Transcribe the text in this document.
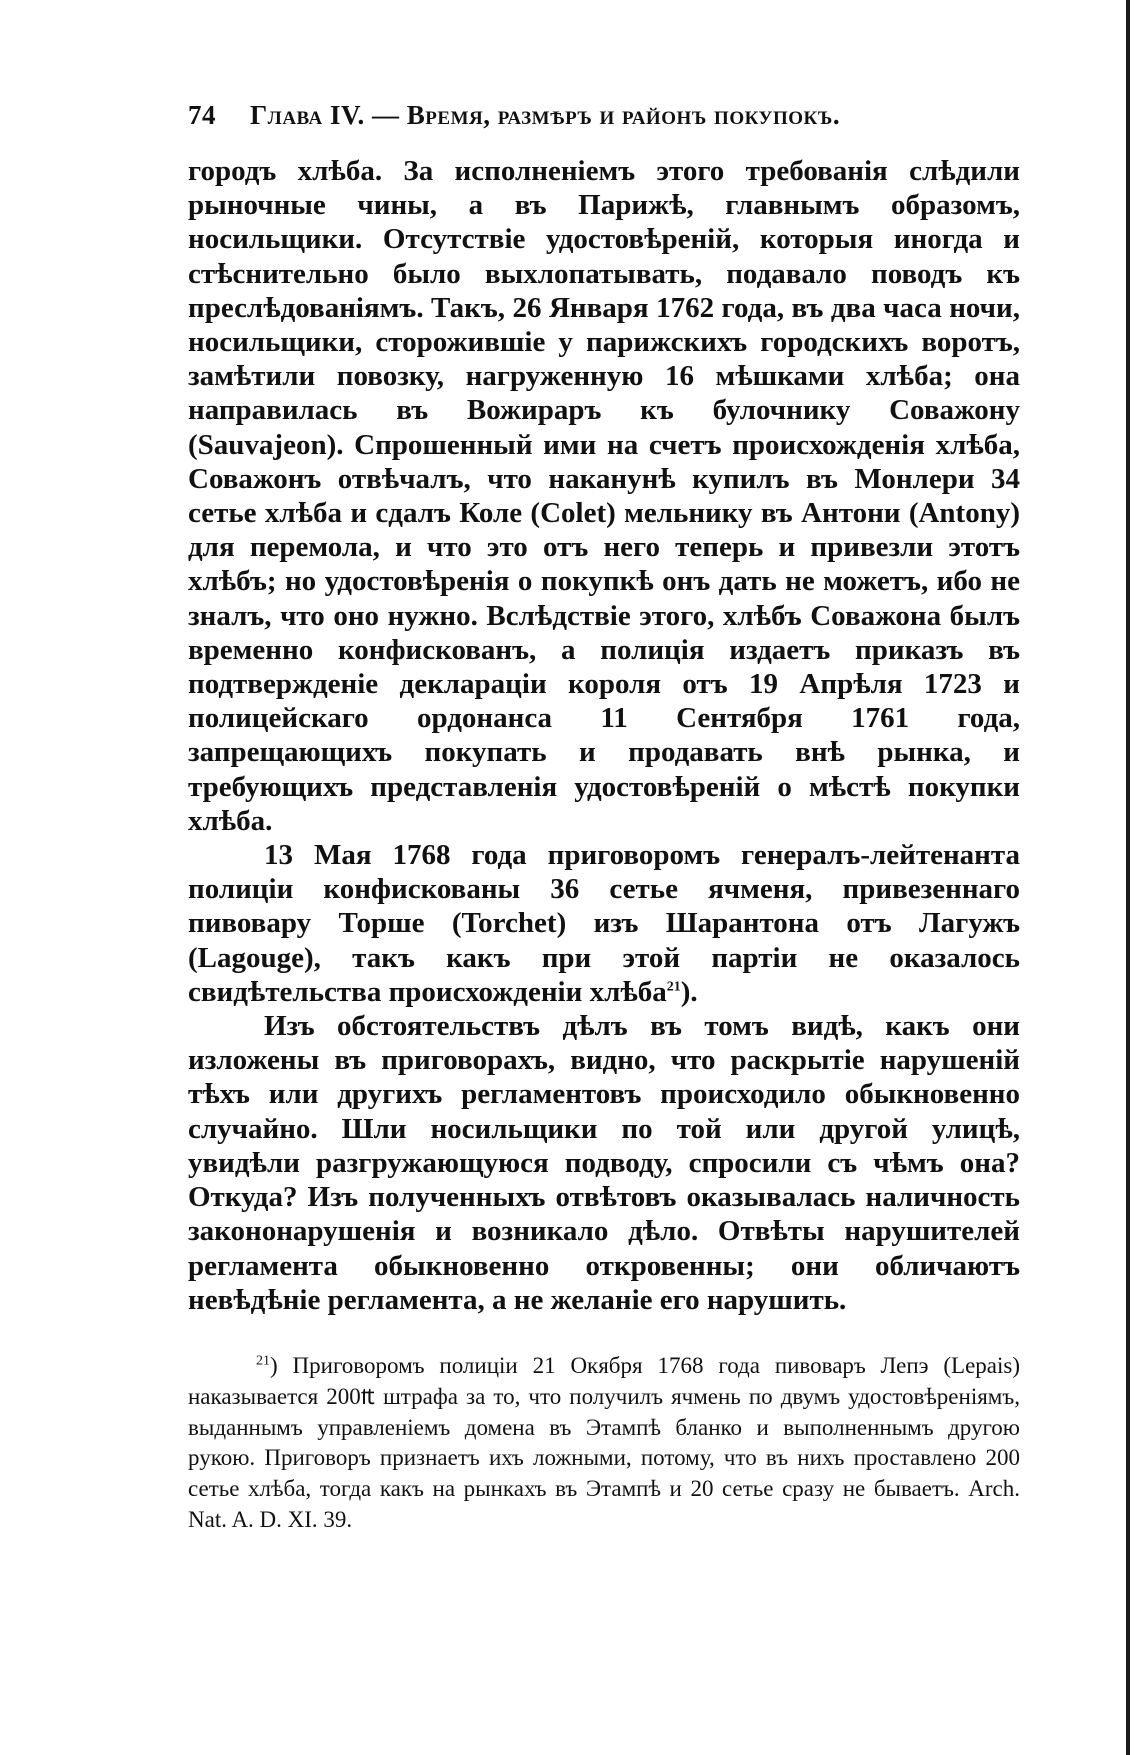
74 Глава IV. — Время, размѣръ и районъ покупокъ.

городъ хлѣба. За исполненіемъ этого требованія слѣдили рыночные чины, а въ Парижѣ, главнымъ образомъ, носильщики. Отсутствіе удостовѣреній, которыя иногда и стѣснительно было выхлопатывать, подавало поводъ къ преслѣдованіямъ. Такъ, 26 Января 1762 года, въ два часа ночи, носильщики, сторожившіе у парижскихъ городскихъ воротъ, замѣтили повозку, нагруженную 16 мѣшками хлѣба; она направилась въ Вожираръ къ булочнику Соважону (Sauvajeon). Спрошенный ими на счетъ происхожденія хлѣба, Соважонъ отвѣчалъ, что наканунѣ купилъ въ Монлери 34 сетье хлѣба и сдалъ Коле (Colet) мельнику въ Антони (Antony) для перемола, и что это отъ него теперь и привезли этотъ хлѣбъ; но удостовѣренія о покупкѣ онъ дать не можетъ, ибо не зналъ, что оно нужно. Вслѣдствіе этого, хлѣбъ Соважона былъ временно конфискованъ, а полиція издаетъ приказъ въ подтвержденіе деклараціи короля отъ 19 Апрѣля 1723 и полицейскаго ордонанса 11 Сентября 1761 года, запрещающихъ покупать и продавать внѣ рынка, и требующихъ представленія удостовѣреній о мѣстѣ покупки хлѣба.

13 Мая 1768 года приговоромъ генералъ-лейтенанта полиціи конфискованы 36 сетье ячменя, привезеннаго пивовару Торше (Torchet) изъ Шарантона отъ Лагужъ (Lagouge), такъ какъ при этой партіи не оказалось свидѣтельства происхожденіи хлѣба$^{21}$).

Изъ обстоятельствъ дѣлъ въ томъ видѣ, какъ они изложены въ приговорахъ, видно, что раскрытіе нарушеній тѣхъ или другихъ регламентовъ происходило обыкновенно случайно. Шли носильщики по той или другой улицѣ, увидѣли разгружающуюся подводу, спросили съ чѣмъ она? Откуда? Изъ полученныхъ отвѣтовъ оказывалась наличность закононарушенія и возникало дѣло. Отвѣты нарушителей регламента обыкновенно откровенны; они обличаютъ невѣдѣніе регламента, а не желаніе его нарушить.

$^{21}$) Приговоромъ полиціи 21 Окября 1768 года пивоваръ Лепэ (Lepais) наказывается 200₶ штрафа за то, что получилъ ячмень по двумъ удостовѣреніямъ, выданнымъ управленіемъ домена въ Этампѣ бланко и выполненнымъ другою рукою. Приговоръ признаетъ ихъ ложными, потому, что въ нихъ проставлено 200 сетье хлѣба, тогда какъ на рынкахъ въ Этампѣ и 20 сетье сразу не бываетъ. Arch. Nat. A. D. XI. 39.
